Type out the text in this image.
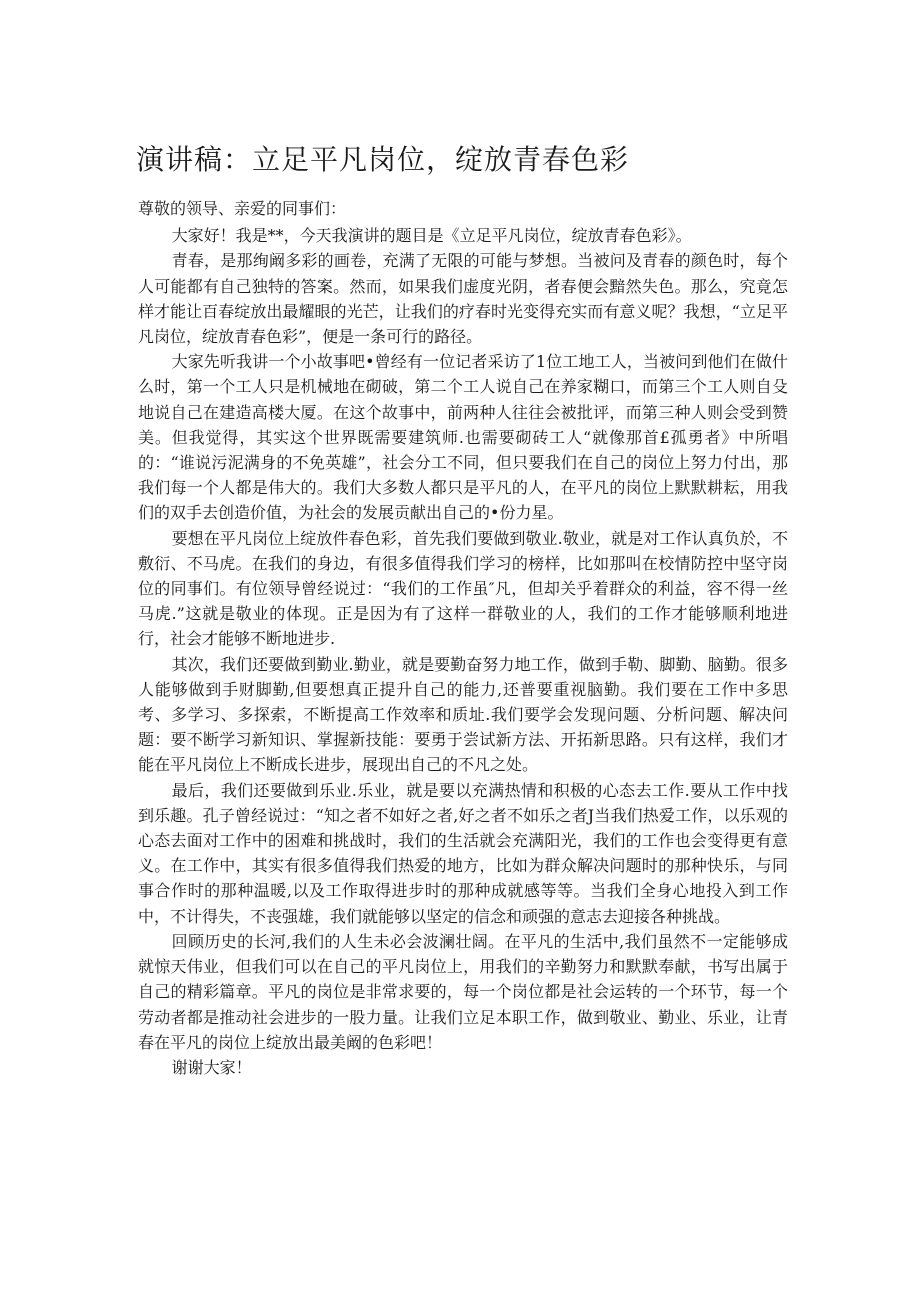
演讲稿：立足平凡岗位，绽放青春色彩

尊敬的领导、亲爱的同事们：

大家好！我是**，今天我演讲的题目是《立足平凡岗位，绽放青春色彩》。

青春，是那绚阚多彩的画卷，充满了无限的可能与梦想。当被问及青春的颜色时，每个人可能都有自己独特的答案。然而，如果我们虚度光阴，者春便会黯然失色。那么，究竟怎样才能让百春绽放出最耀眼的光芒，让我们的疗春时光变得充实而有意义呢？我想，“立足平凡岗位，绽放青春色彩”，便是一条可行的路径。

大家先听我讲一个小故事吧•曾经有一位记者采访了1位工地工人，当被问到他们在做什么时，第一个工人只是机械地在砌破，第二个工人说自己在养家糊口，而第三个工人则自殳地说自己在建造高楼大厦。在这个故事中，前两种人往往会被批评，而第三种人则会受到赞美。但我觉得，其实这个世界既需要建筑师.也需要砌砖工人“就像那首£孤勇者》中所唱的：“谁说污泥满身的不免英雄”，社会分工不同，但只要我们在自己的岗位上努力付出，那我们每一个人都是伟大的。我们大多数人都只是平凡的人，在平凡的岗位上默默耕耘，用我们的双手去创造价值，为社会的发展贡献出自己的•份力星。

要想在平凡岗位上绽放件春色彩，首先我们要做到敬业.敬业，就是对工作认真负於，不敷衍、不马虎。在我们的身边，有很多值得我们学习的榜样，比如那叫在校情防控中坚守岗位的同事们。有位领导曾经说过：“我们的工作虽″凡，但却关乎着群众的利益，容不得一丝马虎.”这就是敬业的体现。正是因为有了这样一群敬业的人，我们的工作才能够顺利地进行，社会才能够不断地进步.

其次，我们还要做到勤业.勤业，就是要勤奋努力地工作，做到手勒、脚勤、脑勤。很多人能够做到手财脚勤,但要想真正提升自己的能力,还普要重视脑勤。我们要在工作中多思考、多学习、多探索，不断提高工作效率和质址.我们要学会发现问题、分析问题、解决问题：要不断学习新知识、掌握新技能：要勇于尝试新方法、开拓新思路。只有这样，我们才能在平凡岗位上不断成长进步，展现出自己的不凡之处。

最后，我们还要做到乐业.乐业，就是要以充满热情和积极的心态去工作.要从工作中找到乐趣。孔子曾经说过：“知之者不如好之者,好之者不如乐之者J当我们热爱工作，以乐观的心态去面对工作中的困难和挑战时，我们的生活就会充满阳光，我们的工作也会变得更有意义。在工作中，其实有很多值得我们热爱的地方，比如为群众解决问题时的那种快乐，与同事合作时的那种温暖,以及工作取得进步时的那种成就感等等。当我们全身心地投入到工作中，不计得失，不丧强雄，我们就能够以坚定的信念和顽强的意志去迎接各种挑战。

回顾历史的长河,我们的人生未必会波澜壮阔。在平凡的生活中,我们虽然不一定能够成就惊天伟业，但我们可以在自己的平凡岗位上，用我们的辛勤努力和默默奉献，书写出属于自己的精彩篇章。平凡的岗位是非常求要的，每一个岗位都是社会运转的一个环节，每一个劳动者都是推动社会进步的一股力量。让我们立足本职工作，做到敬业、勤业、乐业，让青春在平凡的岗位上绽放出最美阚的色彩吧！

谢谢大家！
